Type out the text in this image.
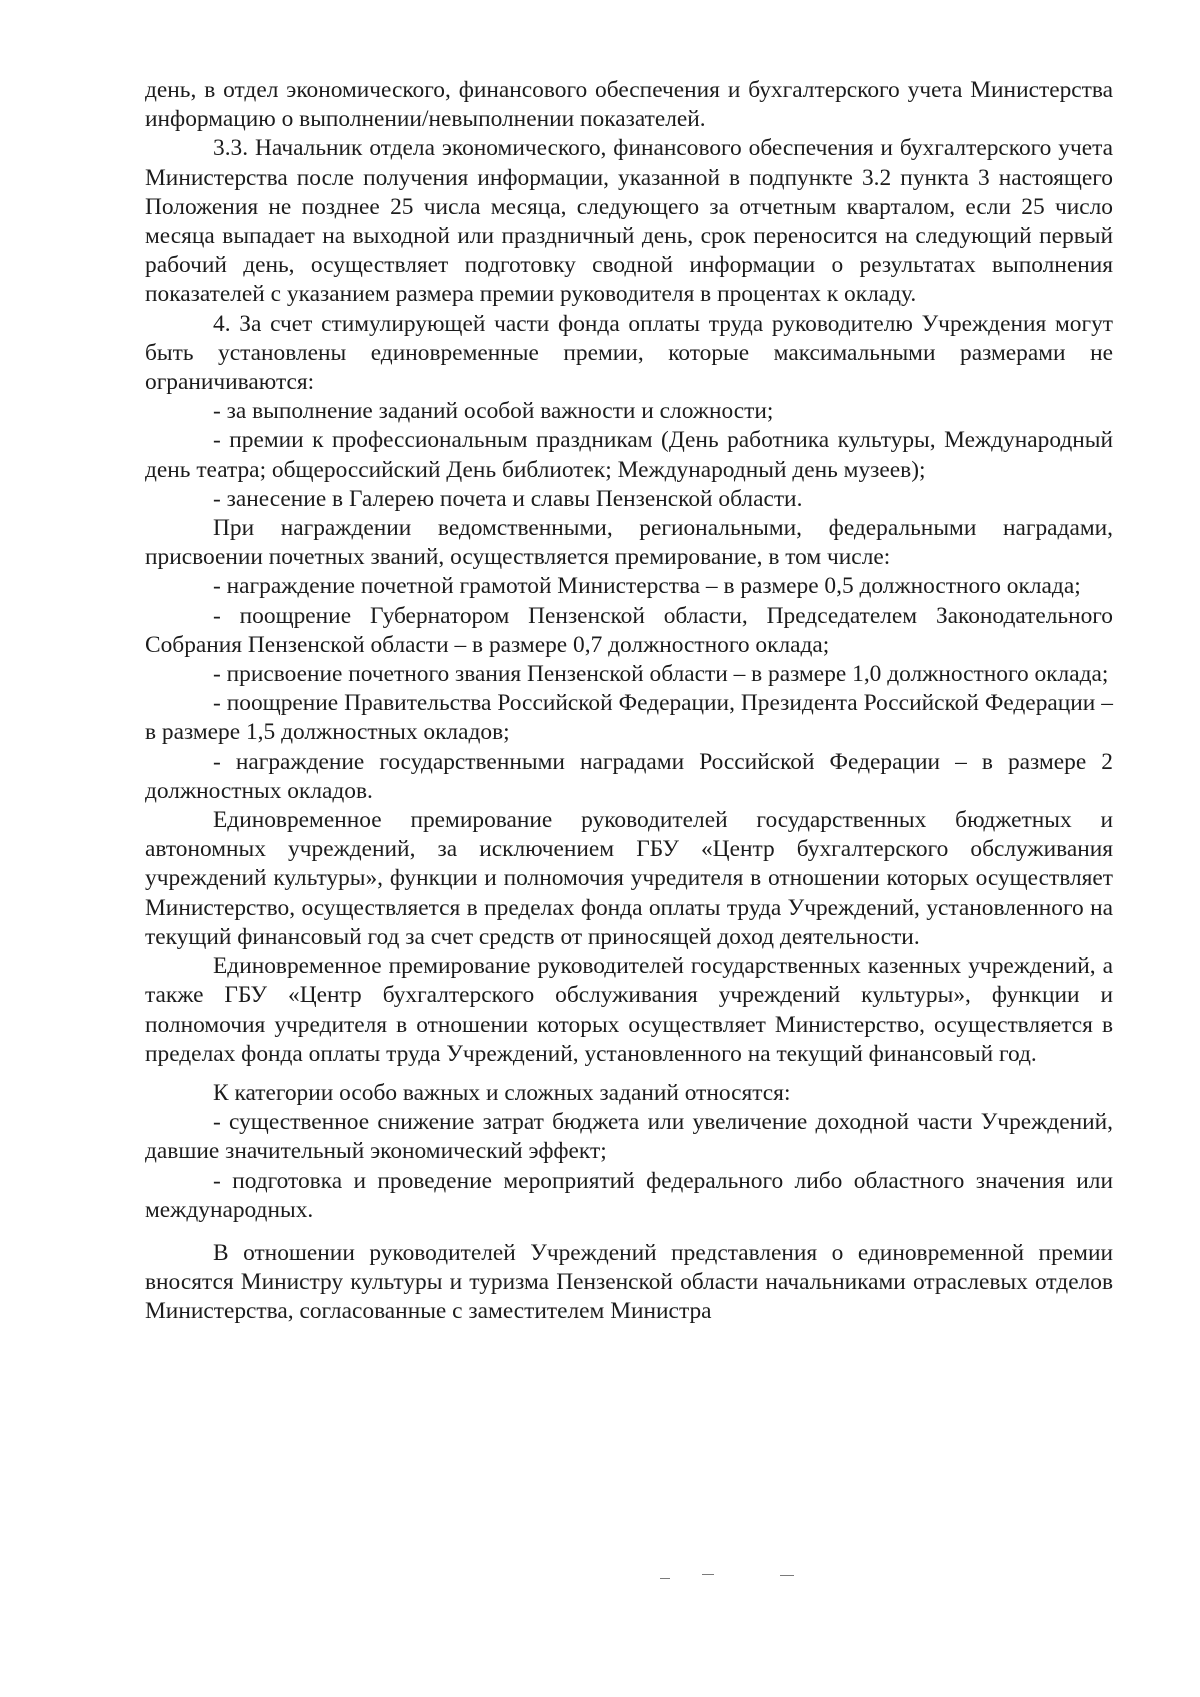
день, в отдел экономического, финансового обеспечения и бухгалтерского учета Министерства информацию о выполнении/невыполнении показателей.

3.3. Начальник отдела экономического, финансового обеспечения и бухгалтерского учета Министерства после получения информации, указанной в подпункте 3.2 пункта 3 настоящего Положения не позднее 25 числа месяца, следующего за отчетным кварталом, если 25 число месяца выпадает на выходной или праздничный день, срок переносится на следующий первый рабочий день, осуществляет подготовку сводной информации о результатах выполнения показателей с указанием размера премии руководителя в процентах к окладу.

4. За счет стимулирующей части фонда оплаты труда руководителю Учреждения могут быть установлены единовременные премии, которые максимальными размерами не ограничиваются:

- за выполнение заданий особой важности и сложности;

- премии к профессиональным праздникам (День работника культуры, Международный день театра; общероссийский День библиотек; Международный день музеев);

- занесение в Галерею почета и славы Пензенской области.

При награждении ведомственными, региональными, федеральными наградами, присвоении почетных званий, осуществляется премирование, в том числе:

- награждение почетной грамотой Министерства – в размере 0,5 должностного оклада;

- поощрение Губернатором Пензенской области, Председателем Законодательного Собрания Пензенской области – в размере 0,7 должностного оклада;

- присвоение почетного звания Пензенской области – в размере 1,0 должностного оклада;

- поощрение Правительства Российской Федерации, Президента Российской Федерации – в размере 1,5 должностных окладов;

- награждение государственными наградами Российской Федерации – в размере 2 должностных окладов.

Единовременное премирование руководителей государственных бюджетных и автономных учреждений, за исключением ГБУ «Центр бухгалтерского обслуживания учреждений культуры», функции и полномочия учредителя в отношении которых осуществляет Министерство, осуществляется в пределах фонда оплаты труда Учреждений, установленного на текущий финансовый год за счет средств от приносящей доход деятельности.

Единовременное премирование руководителей государственных казенных учреждений, а также ГБУ «Центр бухгалтерского обслуживания учреждений культуры», функции и полномочия учредителя в отношении которых осуществляет Министерство, осуществляется в пределах фонда оплаты труда Учреждений, установленного на текущий финансовый год.

К категории особо важных и сложных заданий относятся:

- существенное снижение затрат бюджета или увеличение доходной части Учреждений, давшие значительный экономический эффект;

- подготовка и проведение мероприятий федерального либо областного значения или международных.

В отношении руководителей Учреждений представления о единовременной премии вносятся Министру культуры и туризма Пензенской области начальниками отраслевых отделов Министерства, согласованные с заместителем Министра
